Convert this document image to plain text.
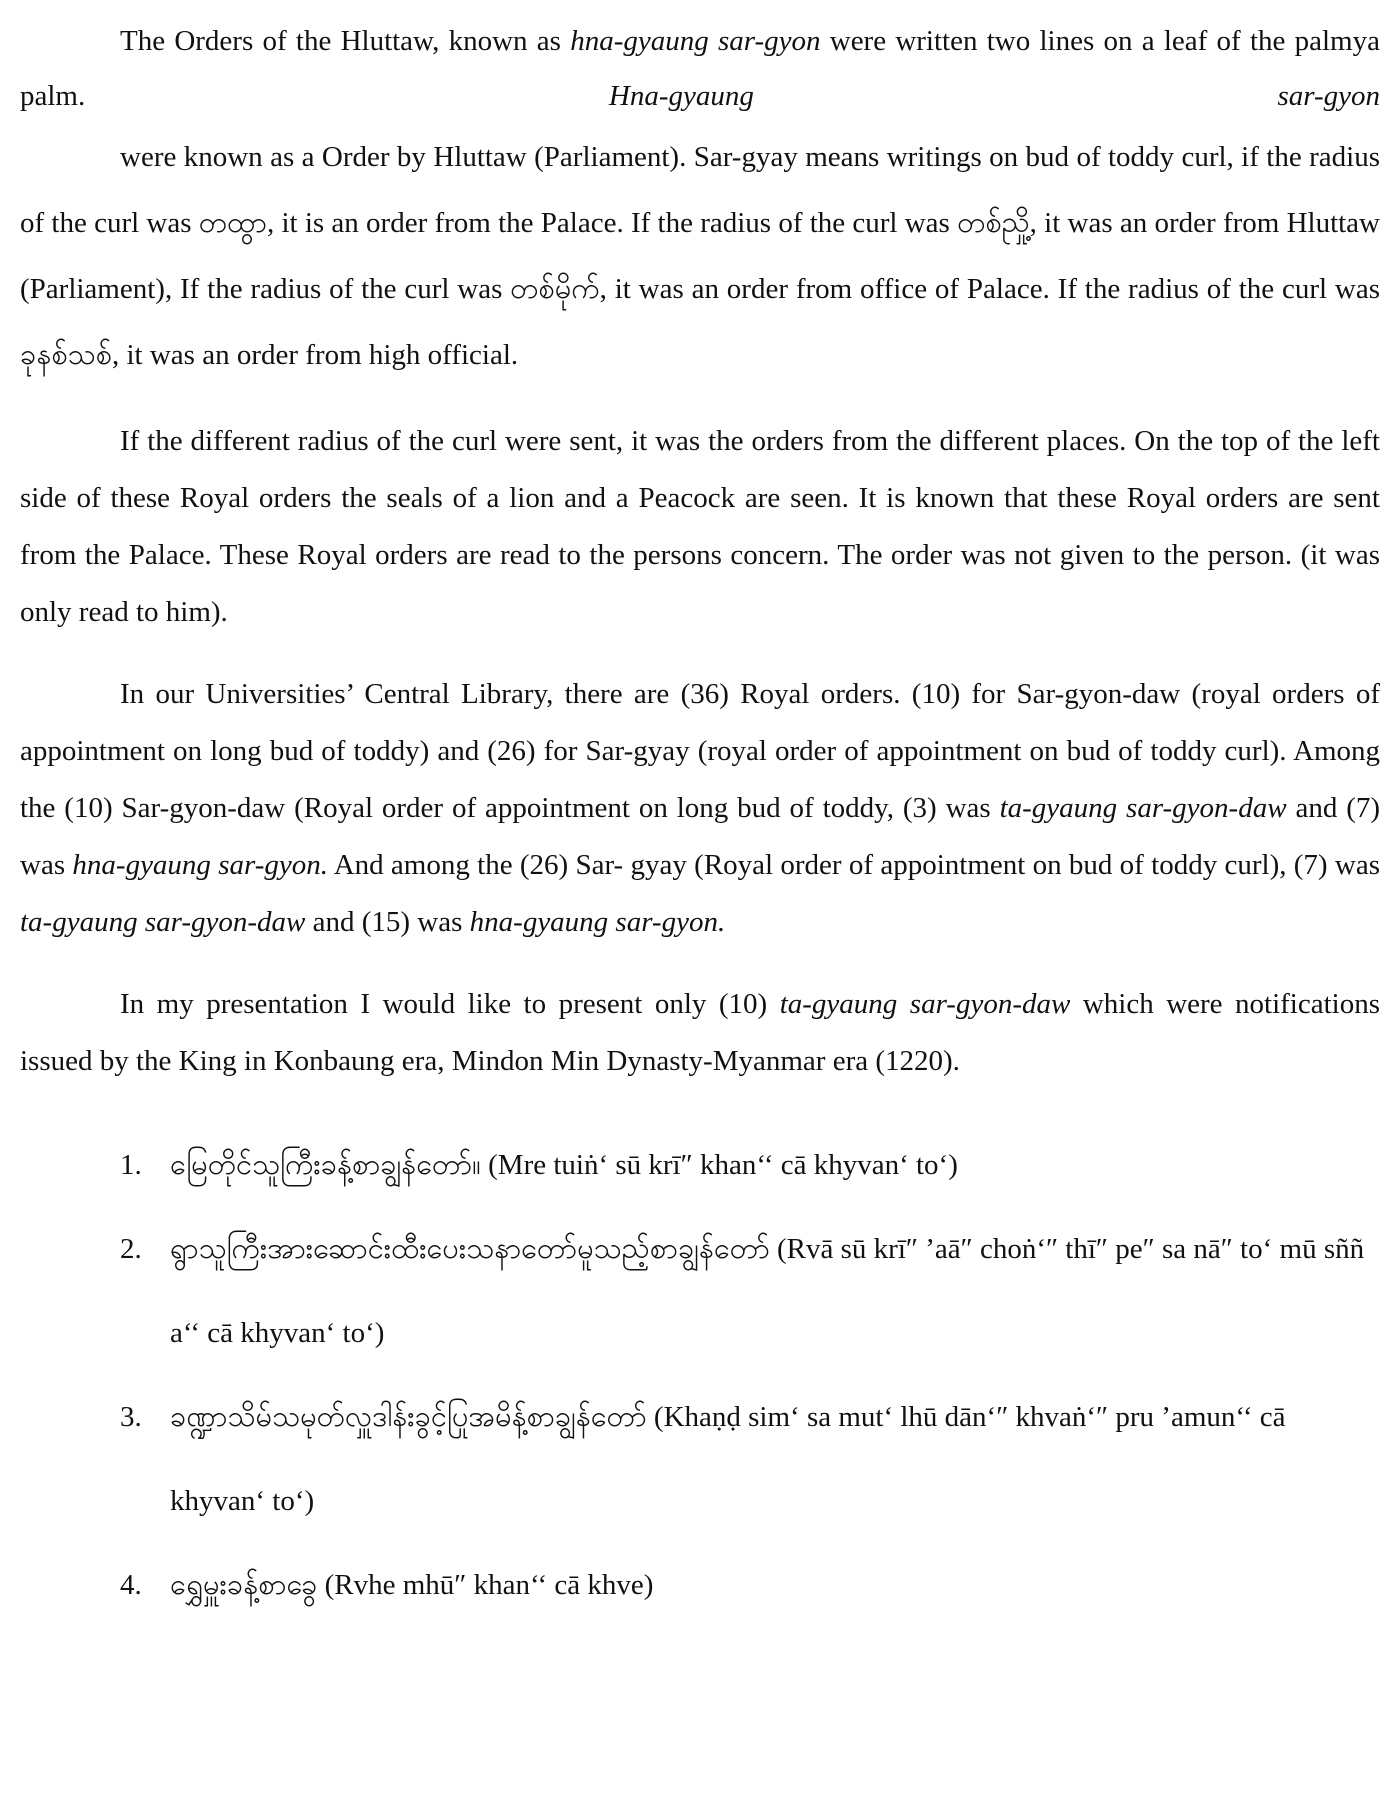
The Orders of the Hluttaw, known as hna-gyaung sar-gyon were written two lines on a leaf of the palmya palm. Hna-gyaung sar-gyonwere known as a Order by Hluttaw (Parliament). Sar-gyay means writings on bud of toddy curl, if the radius of the curl was တထွာ, it is an order from the Palace. If the radius of the curl was တစ်ညှို့, it was an order from Hluttaw (Parliament), If the radius of the curl was တစ်မိုက်, it was an order from office of Palace. If the radius of the curl was ခုနစ်သစ်, it was an order from high official.

If the different radius of the curl were sent, it was the orders from the different places. On the top of the left side of these Royal orders the seals of a lion and a Peacock are seen. It is known that these Royal orders are sent from the Palace. These Royal orders are read to the persons concern. The order was not given to the person. (it was only read to him).

In our Universities’ Central Library, there are (36) Royal orders. (10) for Sar-gyon-daw (royal orders of appointment on long bud of toddy) and (26) for Sar-gyay (royal order of appointment on bud of toddy curl). Among the (10) Sar-gyon-daw (Royal order of appointment on long bud of toddy, (3) was ta-gyaung sar-gyon-daw and (7) was hna-gyaung sar-gyon. And among the (26) Sar- gyay (Royal order of appointment on bud of toddy curl), (7) was ta-gyaung sar-gyon-daw and (15) was hna-gyaung sar-gyon.

In my presentation I would like to present only (10) ta-gyaung sar-gyon-daw which were notifications issued by the King in Konbaung era, Mindon Min Dynasty-Myanmar era (1220).

1. မြေတိုင်သူကြီးခန့်စာချွန်တော်။ (Mre tuiṅ‘ sū krī″ khan‘‘ cā khyvan‘ to‘)
2. ရွာသူကြီးအားဆောင်းထီးပေးသနာတော်မူသည့်စာချွန်တော် (Rvā sū krī″ ’aā″ choṅ‘″ thī″ pe″ sa nā″ to‘ mū sññ a‘‘ cā khyvan‘ to‘)
3. ခဏ္ဍာသိမ်သမုတ်လှူဒါန်းခွင့်ပြုအမိန့်စာချွန်တော် (Khaṇḍ sim‘ sa mut‘ lhū dān‘″ khvaṅ‘″ pru ’amun‘‘ cā khyvan‘ to‘)
4. ရွှေမှူးခန့်စာခွေ (Rvhe mhū″ khan‘‘ cā khve)
